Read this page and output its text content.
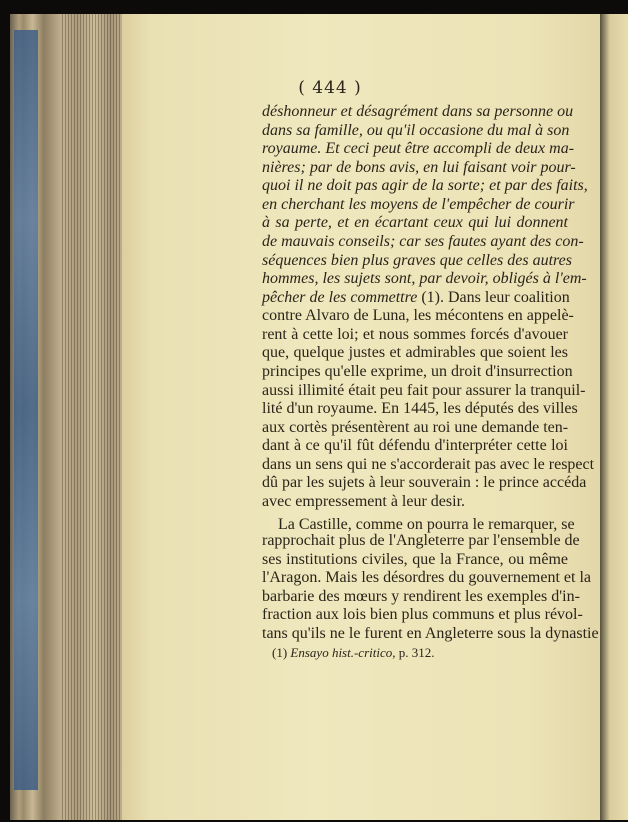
( 444 )
déshonneur et désagrément dans sa personne ou
dans sa famille, ou qu'il occasione du mal à son
royaume. Et ceci peut être accompli de deux ma-
nières; par de bons avis, en lui faisant voir pour-
quoi il ne doit pas agir de la sorte; et par des faits,
en cherchant les moyens de l'empêcher de courir
à sa perte, et en écartant ceux qui lui donnent
de mauvais conseils; car ses fautes ayant des con-
séquences bien plus graves que celles des autres
hommes, les sujets sont, par devoir, obligés à l'em-
pêcher de les commettre (1). Dans leur coalition
contre Alvaro de Luna, les mécontens en appelè-
rent à cette loi; et nous sommes forcés d'avouer
que, quelque justes et admirables que soient les
principes qu'elle exprime, un droit d'insurrection
aussi illimité était peu fait pour assurer la tranquil-
lité d'un royaume. En 1445, les députés des villes
aux cortès présentèrent au roi une demande ten-
dant à ce qu'il fût défendu d'interpréter cette loi
dans un sens qui ne s'accorderait pas avec le respect
dû par les sujets à leur souverain : le prince accéda
avec empressement à leur desir.
La Castille, comme on pourra le remarquer, se
rapprochait plus de l'Angleterre par l'ensemble de
ses institutions civiles, que la France, ou même
l'Aragon. Mais les désordres du gouvernement et la
barbarie des mœurs y rendirent les exemples d'in-
fraction aux lois bien plus communs et plus révol-
tans qu'ils ne le furent en Angleterre sous la dynastie
(1) Ensayo hist.-critico, p. 312.
